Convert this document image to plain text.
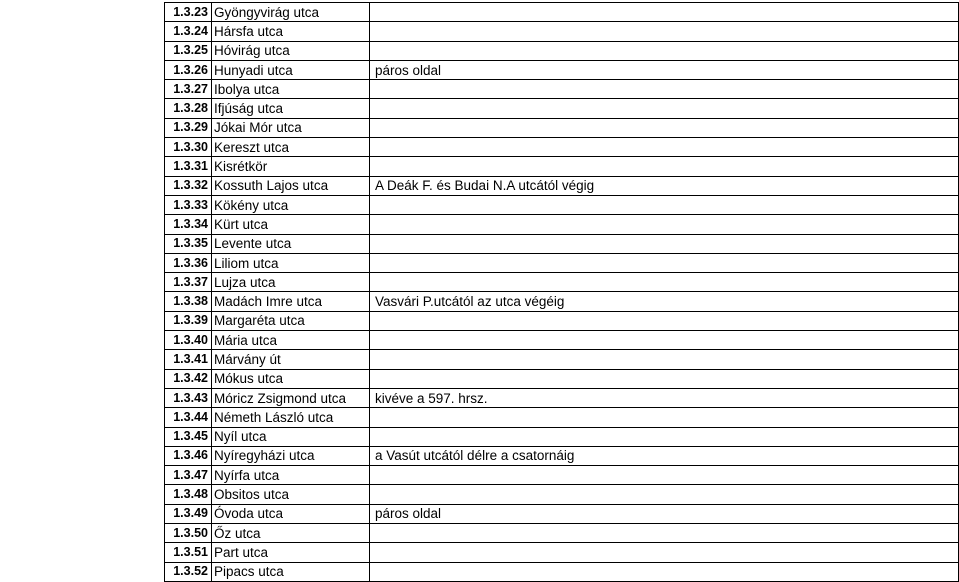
1.3.23	Gyöngyvirág utca	
1.3.24	Hársfa utca	
1.3.25	Hóvirág utca	
1.3.26	Hunyadi utca	páros oldal
1.3.27	Ibolya utca	
1.3.28	Ifjúság utca	
1.3.29	Jókai Mór utca	
1.3.30	Kereszt utca	
1.3.31	Kisrétkör	
1.3.32	Kossuth Lajos utca	A Deák F. és Budai N.A utcától végig
1.3.33	Kökény utca	
1.3.34	Kürt utca	
1.3.35	Levente utca	
1.3.36	Liliom utca	
1.3.37	Lujza utca	
1.3.38	Madách Imre utca	Vasvári P.utcától az utca végéig
1.3.39	Margaréta utca	
1.3.40	Mária utca	
1.3.41	Márvány út	
1.3.42	Mókus utca	
1.3.43	Móricz Zsigmond utca	kivéve a 597. hrsz.
1.3.44	Németh László utca	
1.3.45	Nyíl utca	
1.3.46	Nyíregyházi utca	a Vasút utcától délre a csatornáig
1.3.47	Nyírfa utca	
1.3.48	Obsitos utca	
1.3.49	Óvoda utca	páros oldal
1.3.50	Őz utca	
1.3.51	Part utca	
1.3.52	Pipacs utca	
